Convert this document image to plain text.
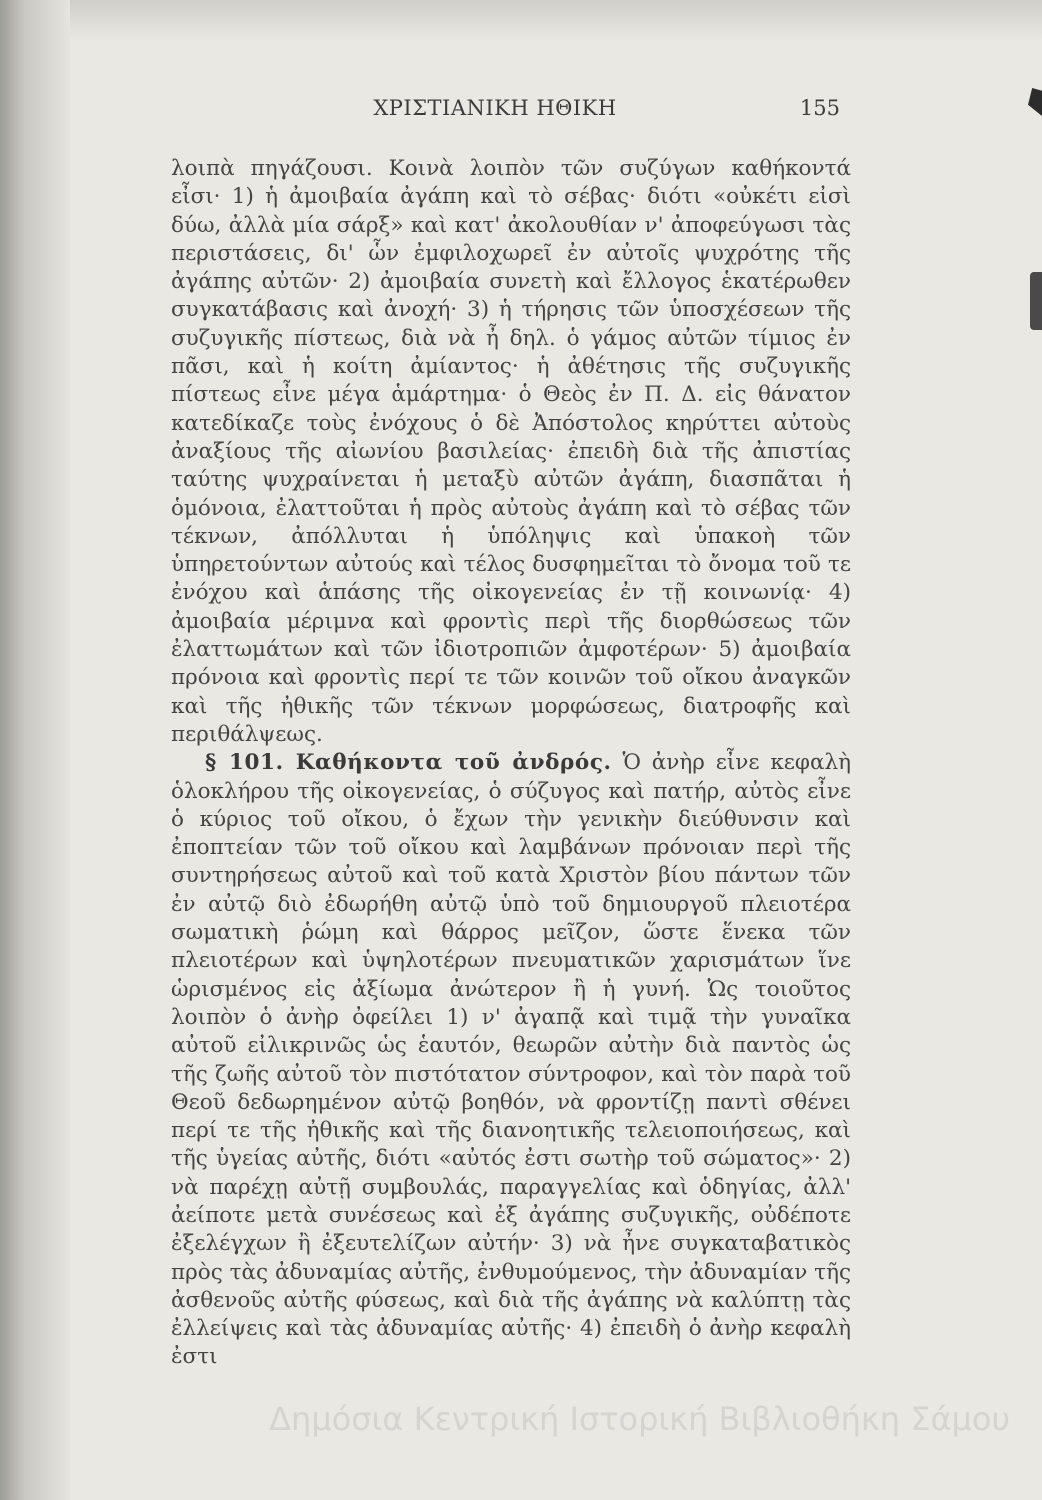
ΧΡΙΣΤΙΑΝΙΚΗ ΗΘΙΚΗ	155

λοιπὰ πηγάζουσι. Κοινὰ λοιπὸν τῶν συζύγων καθήκοντά εἶσι· 1) ἡ ἀμοιβαία ἀγάπη καὶ τὸ σέβας· διότι «οὐκέτι εἰσὶ δύω, ἀλλὰ μία σάρξ» καὶ κατ' ἀκολουθίαν ν' ἀποφεύγωσι τὰς περιστάσεις, δι' ὧν ἐμφιλοχωρεῖ ἐν αὐτοῖς ψυχρότης τῆς ἀγάπης αὐτῶν· 2) ἀμοιβαία συνετὴ καὶ ἔλλογος ἑκατέρωθεν συγκατάβασις καὶ ἀνοχή· 3) ἡ τήρησις τῶν ὑποσχέσεων τῆς συζυγικῆς πίστεως, διὰ νὰ ἦ δηλ. ὁ γάμος αὐτῶν τίμιος ἐν πᾶσι, καὶ ἡ κοίτη ἀμίαντος· ἡ ἀθέτησις τῆς συζυγικῆς πίστεως εἶνε μέγα ἁμάρτημα· ὁ Θεὸς ἐν Π. Δ. εἰς θάνατον κατεδίκαζε τοὺς ἐνόχους ὁ δὲ Ἀπόστολος κηρύττει αὐτοὺς ἀναξίους τῆς αἰωνίου βασιλείας· ἐπειδὴ διὰ τῆς ἀπιστίας ταύτης ψυχραίνεται ἡ μεταξὺ αὐτῶν ἀγάπη, διασπᾶται ἡ ὁμόνοια, ἐλαττοῦται ἡ πρὸς αὐτοὺς ἀγάπη καὶ τὸ σέβας τῶν τέκνων, ἀπόλλυται ἡ ὑπόληψις καὶ ὑπακοὴ τῶν ὑπηρετούντων αὐτούς καὶ τέλος δυσφημεῖται τὸ ὄνομα τοῦ τε ἐνόχου καὶ ἁπάσης τῆς οἰκογενείας ἐν τῇ κοινωνίᾳ· 4) ἀμοιβαία μέριμνα καὶ φροντὶς περὶ τῆς διορθώσεως τῶν ἐλαττωμάτων καὶ τῶν ἰδιοτροπιῶν ἀμφοτέρων· 5) ἀμοιβαία πρόνοια καὶ φροντὶς περί τε τῶν κοινῶν τοῦ οἴκου ἀναγκῶν καὶ τῆς ἠθικῆς τῶν τέκνων μορφώσεως, διατροφῆς καὶ περιθάλψεως.

§ 101. Καθήκοντα τοῦ ἀνδρός. Ὁ ἀνὴρ εἶνε κεφαλὴ ὁλοκλήρου τῆς οἰκογενείας, ὁ σύζυγος καὶ πατήρ, αὐτὸς εἶνε ὁ κύριος τοῦ οἴκου, ὁ ἔχων τὴν γενικὴν διεύθυνσιν καὶ ἐποπτείαν τῶν τοῦ οἴκου καὶ λαμβάνων πρόνοιαν περὶ τῆς συντηρήσεως αὐτοῦ καὶ τοῦ κατὰ Χριστὸν βίου πάντων τῶν ἐν αὐτῷ διὸ ἐδωρήθη αὐτῷ ὑπὸ τοῦ δημιουργοῦ πλειοτέρα σωματικὴ ῥώμη καὶ θάρρος μεῖζον, ὥστε ἕνεκα τῶν πλειοτέρων καὶ ὑψηλοτέρων πνευματικῶν χαρισμάτων ἵνε ὡρισμένος εἰς ἀξίωμα ἀνώτερον ἢ ἡ γυνή. Ὡς τοιοῦτος λοιπὸν ὁ ἀνὴρ ὀφείλει 1) ν' ἀγαπᾷ καὶ τιμᾷ τὴν γυναῖκα αὐτοῦ εἰλικρινῶς ὡς ἑαυτόν, θεωρῶν αὐτὴν διὰ παντὸς ὡς τῆς ζωῆς αὐτοῦ τὸν πιστότατον σύντροφον, καὶ τὸν παρὰ τοῦ Θεοῦ δεδωρημένον αὐτῷ βοηθόν, νὰ φροντίζῃ παντὶ σθένει περί τε τῆς ἠθικῆς καὶ τῆς διανοητικῆς τελειοποιήσεως, καὶ τῆς ὑγείας αὐτῆς, διότι «αὐτός ἐστι σωτὴρ τοῦ σώματος»· 2) νὰ παρέχῃ αὐτῇ συμβουλάς, παραγγελίας καὶ ὁδηγίας, ἀλλ' ἀείποτε μετὰ συνέσεως καὶ ἐξ ἀγάπης συζυγικῆς, οὐδέποτε ἐξελέγχων ἢ ἐξευτελίζων αὐτήν· 3) νὰ ἦνε συγκαταβατικὸς πρὸς τὰς ἀδυναμίας αὐτῆς, ἐνθυμούμενος, τὴν ἀδυναμίαν τῆς ἀσθενοῦς αὐτῆς φύσεως, καὶ διὰ τῆς ἀγάπης νὰ καλύπτῃ τὰς ἐλλείψεις καὶ τὰς ἀδυναμίας αὐτῆς· 4) ἐπειδὴ ὁ ἀνὴρ κεφαλὴ ἐστι

Δημόσια Κεντρική Ιστορική Βιβλιοθήκη Σάμου
